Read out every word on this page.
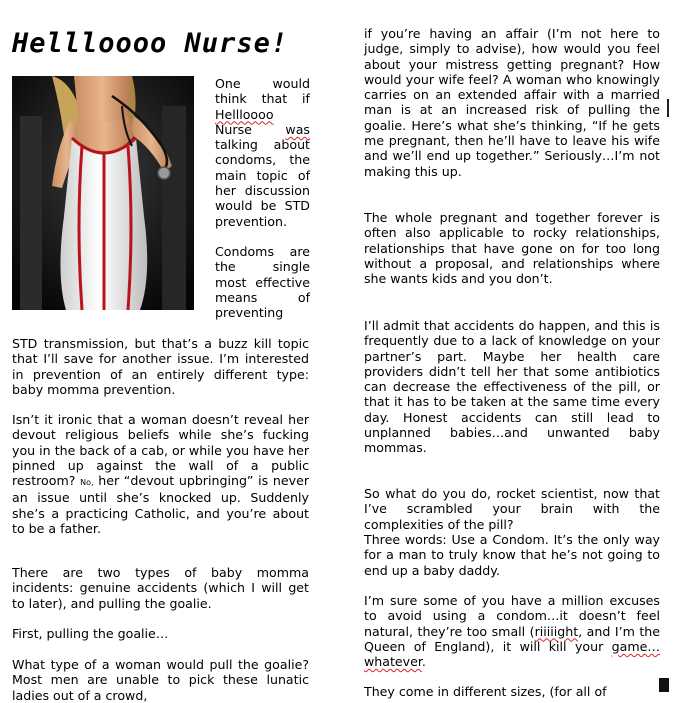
Hellloooo Nurse!

One would think that if Hellloooo Nurse was talking about condoms, the main topic of her discussion would be STD prevention.

Condoms are the single most effective means of preventing

STD transmission, but that’s a buzz kill topic that I’ll save for another issue. I’m interested in prevention of an entirely different type: baby momma prevention.

Isn’t it ironic that a woman doesn’t reveal her devout religious beliefs while she’s fucking you in the back of a cab, or while you have her pinned up against the wall of a public restroom? No, her “devout upbringing” is never an issue until she’s knocked up. Suddenly she’s a practicing Catholic, and you’re about to be a father.

There are two types of baby momma incidents: genuine accidents (which I will get to later), and pulling the goalie.

First, pulling the goalie…

What type of a woman would pull the goalie? Most men are unable to pick these lunatic ladies out of a crowd,

if you’re having an affair (I’m not here to judge, simply to advise), how would you feel about your mistress getting pregnant? How would your wife feel? A woman who knowingly carries on an extended affair with a married man is at an increased risk of pulling the goalie. Here’s what she’s thinking, “If he gets me pregnant, then he’ll have to leave his wife and we’ll end up together.” Seriously…I’m not making this up.

The whole pregnant and together forever is often also applicable to rocky relationships, relationships that have gone on for too long without a proposal, and relationships where she wants kids and you don’t.

I’ll admit that accidents do happen, and this is frequently due to a lack of knowledge on your partner’s part. Maybe her health care providers didn’t tell her that some antibiotics can decrease the effectiveness of the pill, or that it has to be taken at the same time every day. Honest accidents can still lead to unplanned babies…and unwanted baby mommas.

So what do you do, rocket scientist, now that I’ve scrambled your brain with the complexities of the pill?

Three words: Use a Condom. It’s the only way for a man to truly know that he’s not going to end up a baby daddy.

I’m sure some of you have a million excuses to avoid using a condom…it doesn’t feel natural, they’re too small (riiiiight, and I’m the Queen of England), it will kill your game…whatever.

They come in different sizes, (for all of
